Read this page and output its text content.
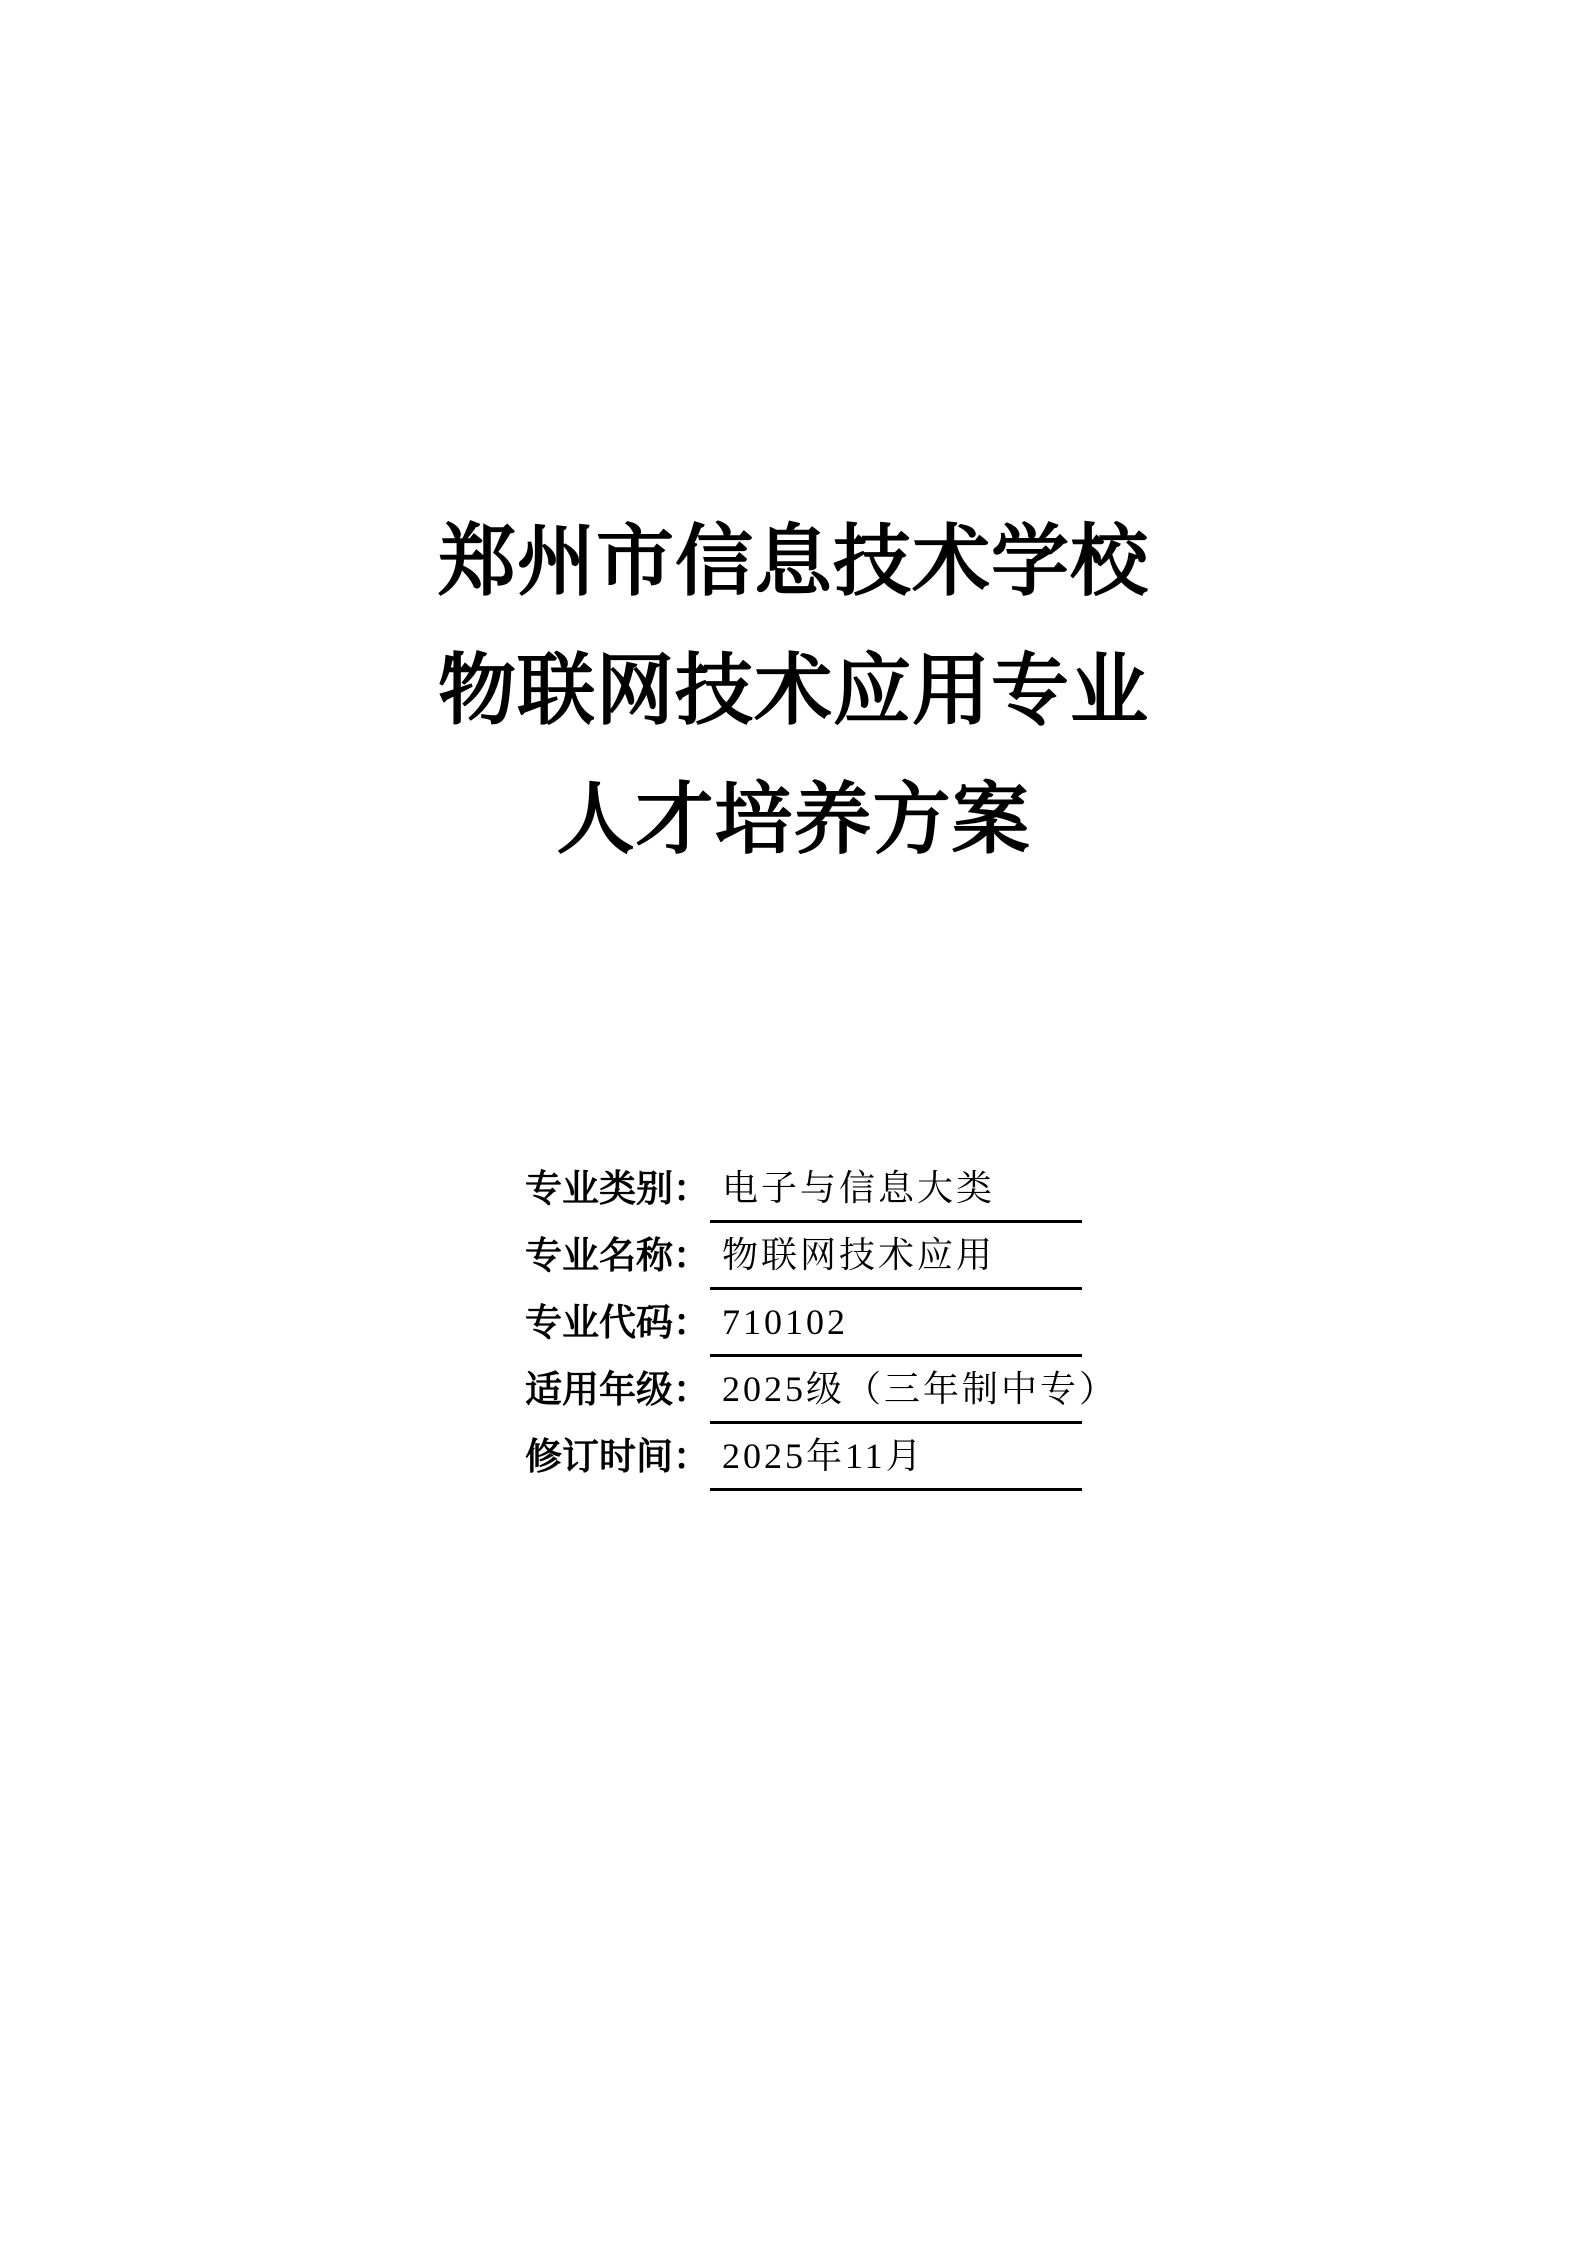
郑州市信息技术学校
物联网技术应用专业
人才培养方案
专业类别： 电子与信息大类
专业名称： 物联网技术应用
专业代码： 710102
适用年级： 2025级（三年制中专）
修订时间： 2025年11月
